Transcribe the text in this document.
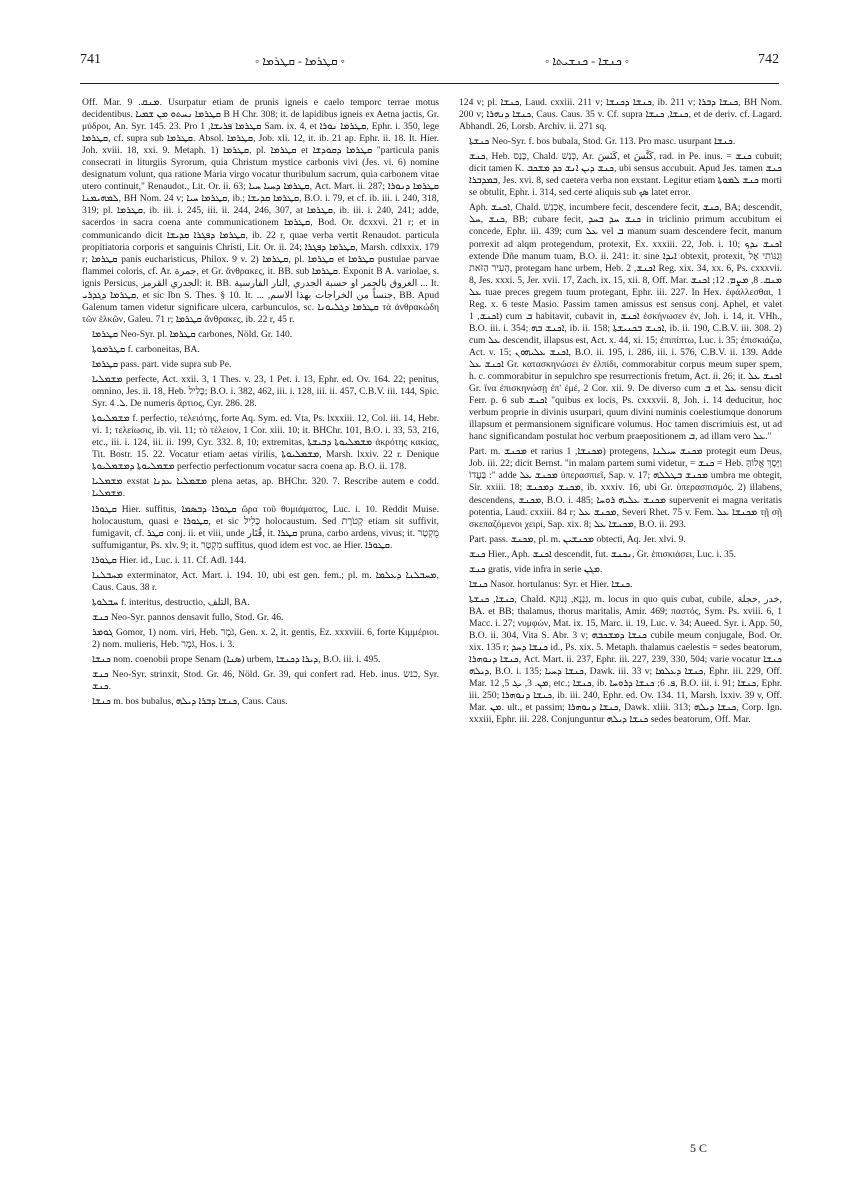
741	◦ ܩܛܪܡܐ - ܩܛܪܡܐ ◦	◦ ܟܢܫܐ - ܟܢܫܝܬܐ ◦	742

Off. Mar. ܡܢܩ. 9. Usurpatur etiam de prunis igneis e caelo temporc terrae motus decidentibus. ܩܛܪܡܐ ܢܚܬܘ ܡܢ ܫܡܝܐ B H Chr. 308; it. de lapidibus igneis ex Aetna jactis, Gr. μύδροι, An. Syr. 145. 23. Pro ܩܛܪܡܐ ܦܪܝܫܐ, 1 Sam. ix. 4, et ܩܛܪܡܐ ܢܘܪܐ, Ephr. i. 350, lege ܩܛܪܡܐ, cf. supra sub ܩܛܪܡܐ. Absol. ܩܛܪܡܐ, Job. xli. 12, it. ib. 21 ap. Ephr. ii. 18. It. Hier. Joh. xviii. 18, xxi. 9. Metaph. 1) ܩܛܪܡܐ, pl. ܩܛܪܡܐ et ܩܛܪܡܐ ܕܩܘܕܫܐ "particula panis consecrati in liturgiis Syrorum, quia Christum mystice carbonis vivi (Jes. vi. 6) nomine designatum volunt, qua ratione Maria virgo vocatur thuribulum sacrum, quia carbonem vitae utero continuit," Renaudot., Lit. Or. ii. 63; ܩܛܪܡܐ ܕܚܝܐ ܚܝܐ, Act. Mart. ii. 287; ܩܛܪܡܐ ܕܢܘܪܐ ܠܡܗܝܡܢܐ, BH Nom. 24 v; ܩܛܪܡܐ ܚܝܐ, ib.; ܩܛܪܡܐ ܩܕܝܫܐ, B.O. i. 79, et cf. ib. iii. i. 240, 318, 319; pl. ܩܛܪܡܐ, ib. iii. i. 245, iii. ii. 244, 246, 307, at ܩܛܪܡܐ, ib. iii. i. 240, 241; adde, sacerdos in sacra coena ante communicationem ܩܛܪܡܐ, Bod. Or. dcxxvi. 21 r; et in communicando dicit ܩܛܪܡܐ ܕܦܓܪܐ ܩܕܝܫܐ, ib. 22 r, quae verba vertit Renaudot. particula propitiatoria corporis et sanguinis Christi, Lit. Or. ii. 24; ܩܛܪܡܐ ܕܦܓܪܐ, Marsh. cdlxxix. 179 r; ܩܛܪܡܐ panis eucharisticus, Philox. 9 v. 2) ܩܛܪܡܐ, pl. ܩܛܪܡܐ et ܩܛܪܡܐ pustulae parvae flammei coloris, cf. Ar. جمرة, et Gr. ἄνθρακες, it. BB. sub ܩܛܪܡܐ. Exponit B A. variolae, s. ignis Persicus, الجدري القرمز: it. BB. العروق بالجمر او حسبة الجدري ,النار الفارسية ... It. ܩܛܪܡܐ ܕܓܕܪܝ, et sic Ibn S. Thes. § 10. It. ... ,جنساً من الخراجات بهذا الاسم, BB. Apud Galenum tamen videtur significare ulcera, carbunculos, sc. ܩܛܪܡܐ ܕܓܠܝܘܢܐ τὰ ἀνθρακώδη τῶν ἑλκῶν, Galeu. 71 r; ܩܛܪܡܐ ἄνθρακες, ib. 22 r, 45 r.

ܩܛܪܡܐ Neo-Syr. pl. ܩܛܪܡܐ carbones, Nöld. Gr. 140.

ܩܛܪܡܘܬܐ f. carboneitas, BA.

ܩܛܪܡܐ pass. part. vide supra sub Pe.

ܡܫܡܠܝܐ perfecte, Act. xxii. 3, 1 Thes. v. 23, 1 Pet. i. 13, Ephr. ed. Ov. 164. 22; penitus, omnino, Jes. ii. 18, Heb. כָּלִיל; B.O. i. 382, 462, iii. i. 128, iii. ii. 457, C.B.V. iii. 144, Spic. Syr. ܠ. 4. De numeris ἄρτιος, Cyr. 286. 28.

ܡܫܡܠܝܘܬܐ f. perfectio, τελειότης, forte Aq. Sym. ed. Vta, Ps. lxxxiii. 12, Col. iii. 14, Hebr. vi. 1; τελείωσις, ib. vii. 11; τὸ τέλειον, 1 Cor. xiii. 10; it. BHChr. 101, B.O. i. 33, 53, 216, etc., iii. i. 124, iii. ii. 199, Cyr. 332. 8, 10; extremitas, ܡܫܡܠܝܘܬܐ ܕܒܝܫܬܐ ἀκρότης κακίας, Tit. Bostr. 15. 22. Vocatur etiam aetas virilis, ܡܫܡܠܝܘܬܐ, Marsh. lxxiv. 22 r. Denique ܡܫܡܠܝܘܬܐ ܕܡܫܡܠܝܘܬܐ perfectio perfectionum vocatur sacra coena ap. B.O. ii. 178.

ܡܫܡܠܝܐ exstat ܡܫܡܠܝܐ ܥܕܢܐ plena aetas, ap. BHChr. 320. 7. Rescribe autem e codd. ܡܫܡܠܝܐ.

ܩܛܘܪܐ Hier. suffitus, ܩܛܘܪܐ ܕܒܣܡܐ ὥρα τοῦ θυμιάματος, Luc. i. 10. Reddit Muise. holocaustum, quasi e ܩܛܘܪܐ, et sic כָּלִיל holocaustum. Sed קְטֹרֶת etiam sit suffivit, fumigavit, cf. ܩܛܪ conj. ii. et viii, unde قُتَار, it. ܩܛܪܐ pruna, carbo ardens, vivus; it. מֻקְטָר suffumigantur, Ps. xlv. 9; it. מִקְטָר suffitus, quod idem est voc. ae Hier. ܩܛܘܪܐ.

ܩܛܘܪܐ Hier. id., Luc. i. 11. Cf. Adl. 144.

ܡܚܒܠܢܐ exterminator, Act. Mart. i. 194. 10, ubi est gen. fem.; pl. m. ܡܚܒܠܢܐ ܕܥܠܡܐ, Caus. Caus. 38 r.

ܚܒܠܘܬܐ f. interitus, destructio, التلف, BA.

ܟܢܫ Neo-Syr. pannos densavit fullo, Stod. Gr. 46.

ܓܘܡܪ Gomor, 1) nom. viri, Heb. גֹּמֶר, Gen. x. 2, it. gentis, Ez. xxxviii. 6, forte Κιμμέριοι. 2) nom. mulieris, Heb. גֹּמֶר, Hos. i. 3.

ܟܢܫܐ nom. coenobii prope Senam (ܣܢܐ) urbem, ܕܝܪܐ ܕܟܢܫܐ, B.O. iii. i. 495.

ܟܢܫ Neo-Syr. strinxit, Stod. Gr. 46, Nöld. Gr. 39, qui confert rad. Heb. inus. כנש, Syr. ܟܢܫ.

ܟܢܫܐ m. bos bubalus, ܟܢܫܐ ܕܒܪܐ ܕܝܠܗ, Caus. Caus.

124 v; pl. ܟܢܫܐ, Laud. cxxiii. 211 v; ܟܢܫܐ ܕܟܢܫܐ, ib. 211 v; ܟܢܫܐ ܕܒܪܐ, BH Nom. 200 v; ܟܢܫܐ ܕܢܗܪܐ, Caus. Caus. 35 v. Cf. supra ܟܢܫܐ, ܟܢܫܐ, et de deriv. cf. Lagard. Abhandl. 26, Lorsb. Archiv. ii. 271 sq.

ܟܢܫܬܐ Neo-Syr. f. bos bubala, Stod. Gr. 113. Pro masc. usurpant ܟܢܫܐ.

ܟܢܫ, Heb. כָּנַס, Chald. כְּנַשׁ, Ar. كَنَسَ, et كَنَّسَ, rad. in Pe. inus. = ܟܢܫ cubuit; dicit tamen K. ܟܢܫ ܕܝܢ ܐܢܫ ܟܕ ܡܫܟܒ, ubi sensus accubuit. Apud Jes. tamen ܟܢܫ ܒܡܕܒܪܐ, Jes. xvi. 8, sed caetera verba non exstant. Legitur etiam ܟܢܫ ܠܡܘܬܐ morti se obtulit, Ephr. i. 314, sed certe aliquis sub ܣܟ latet error.

Aph. ܐܟܢܫ, Chald. אַכְנֵשׁ, incumbere fecit, descendere fecit, ܟܢܫ, BA; descendit, ܟܢܫ ,ܚܠ, BB; cubare fecit, ܟܢܫ ܚܕ ܒܚܕ in triclinio primum accubitum ei concede, Ephr. iii. 439; cum ܥܠ vel ܒ manum suam descendere fecit, manum porrexit ad alqm protegendum, protexit, Ex. xxxiii. 22, Job. i. 10; ܐܟܢܫ ܝܕܟ extende Dñe manum tuam, B.O. ii. 241: it. sine ܐܝܕܐ obtexit, protexit, וְגַנּוֹתִי אֶל הָעִיר הַזֹּאת, protegam hanc urbem, Heb. ܐܟܢܫ, 2 Reg. xix. 34, xx. 6, Ps. cxxxvii. 8, Jes. xxxi. 5, Jer. xvii. 17, Zach. ix. 15, xii. 8, Off. Mar. ܡܢܩ. 8, ܡܨܡ. 12; ܐܟܢܫ ܥܠ tuae preces gregem tuum protegant, Ephr. iii. 227. In Hex. ἐφάλλεσθαι, 1 Reg. x. 6 teste Masio. Passim tamen amissus est sensus conj. Aphel, et valet ܐܟܢܫ, 1) cum ܒ habitavit, cubavit in, ܐܟܢܫ ἐσκήνωσεν ἐν, Joh. i. 14, it. VHh., B.O. iii. i. 354; ܐܟܢܫ ܒܗ, ib. ii. 158; ܐܟܢܫ ܒܟܢܝܫܬܐ, ib. ii. 190, C.B.V. iii. 308. 2) cum ܥܠ descendit, illapsus est, Act. x. 44, xi. 15; ἐπιπίπτω, Luc. i. 35; ἐπισκιάζω, Act. v. 15; ܐܟܢܫ ܥܠܝܗܘܢ, B.O. ii. 195, i. 286, iii. i. 576, C.B.V. ii. 139. Adde ܐܟܢܫ ܥܠ Gr. κατασκηνώσει ἐν ἐλπίδι, commorabitur corpus meum super spem, h. c. commorabitur in sepulchro spe resurrectionis fretum, Act. ii. 26; it. ܐܟܢܫ ܥܠ Gr. ἵνα ἐπισκηνώσῃ ἐπ' ἐμέ, 2 Cor. xii. 9. De diverso cum ܒ et ܥܠ sensu dicit Ferr. p. 6 sub ܐܟܢܫ "quibus ex locis, Ps. cxxxvii. 8, Joh. i. 14 deducitur, hoc verbum proprie in divinis usurpari, quum divini numinis coelestiumque donorum illapsum et permansionem significare volumus. Hoc tamen discrimiuis est, ut ad hanc significandam postulat hoc verbum praepositionem ܒ, ad illam vero ܥܠ."

Part. m. ܡܟܢܫ et rarius ܡܟܢܫܐ, 1) protegens, ܡܟܢܫ ܚܝܠܢܐ protegit eum Deus, Job. iii. 22; dicit Bernst. "in malam partem sumi videtur, = ܟܢܫ = Heb. וַיָּסֶךְ אֱלוֹהַּ בַּעֲדוֹ :" adde ܡܟܢܫ ܥܠ ὑπερασπιεῖ, Sap. v. 17; ܡܟܢܫ ܒܛܠܠܗ umbra me obtegit, Sir. xxiii. 18; ܡܟܢܫ ܕܡܟܢܫ, ib. xxxiv. 16, ubi Gr. ὑπερασπισμός. 2) illabens, descendens, ܡܟܢܫ, B.O. i. 485; ܡܟܢܫ ܥܠܝܗ ܪܘܚܐ supervenit ei magna veritatis potentia, Laud. cxxiii. 84 r; ܡܟܢܫ ܥܠ, Severi Rhet. 75 v. Fem. ܡܟܢܫܐ ܥܠ τῇ σῇ σκεπαζόμενοι χειρί, Sap. xix. 8; ܡܟܢܫܐ ܥܠ, B.O. ii. 293.

Part. pass. ܡܟܢܫ, pl. m. ܡܟܢܫܝܢ obtecti, Aq. Jer. xlvi. 9.

ܟܢܫ Hier., Aph. ܐܟܢܫ descendit, fut. ܢܟܢܫ, Gr. ἐπισκιάσει, Luc. i. 35.

ܟܢܫ gratis, vide infra in serie ܡܓܢ.

ܟܢܫܐ Nasor. hortulanus: Syr. et Hier. ܟܢܫܐ.

ܟܢܫܐ, ܟܢܫܬܐ, Chald. גְּנָנָא, גְּנוּנָא, m. locus in quo quis cubat, cubile, خدر ,حجلة, BA. et BB; thalamus, thorus maritalis, Amir. 469; παστός, Sym. Ps. xviii. 6, 1 Macc. i. 27; νυμφών, Mat. ix. 15, Marc. ii. 19, Luc. v. 34; Aueed. Syr. i. App. 50, B.O. ii. 304, Vita S. Abr. 3 v; ܟܢܫܐ ܕܡܫܟܒܗ cubile meum conjugale, Bod. Or. xix. 135 r; ܟܢܫܐ ܕܚܕ id., Ps. xix. 5. Metaph. thalamus caelestis = sedes beatorum, ܟܢܫܐ ܕܢܘܗܪܐ, Act. Mart. ii. 237, Ephr. iii. 227, 239, 330, 504; varie vocatur ܟܢܫܐ ܕܝܠܗ, B.O. i. 135; ܟܢܫܐ ܕܚܝܐ, Dawk. iii. 33 v; ܟܢܫܐ ܕܥܠܡܐ, Ephr. iii. 229, Off. Mar. ܡܢ. 3, ܝܓ 5, 12, etc.; ܟܢܫܐ, ib. ܦ. 6; ܟܢܫܐ ܕܪܘܚܐ, B.O. iii. i. 91; ܟܢܫܐ, Ephr. iii. 250; ܟܢܫܐ ܕܢܘܗܪܐ, ib. iii. 240, Ephr. ed. Ov. 134. 11, Marsh. lxxiv. 39 v, Off. Mar. ܡܢ. ult., et passim; ܟܢܫܐ ܕܢܘܗܪܐ, Dawk. xliii. 313; ܟܢܫܐ ܕܝܠܗ, Corp. Ign. xxxiii, Ephr. iii. 228. Conjunguntur ܟܢܫܐ ܕܝܠܗ sedes beatorum, Off. Mar.

5 C
